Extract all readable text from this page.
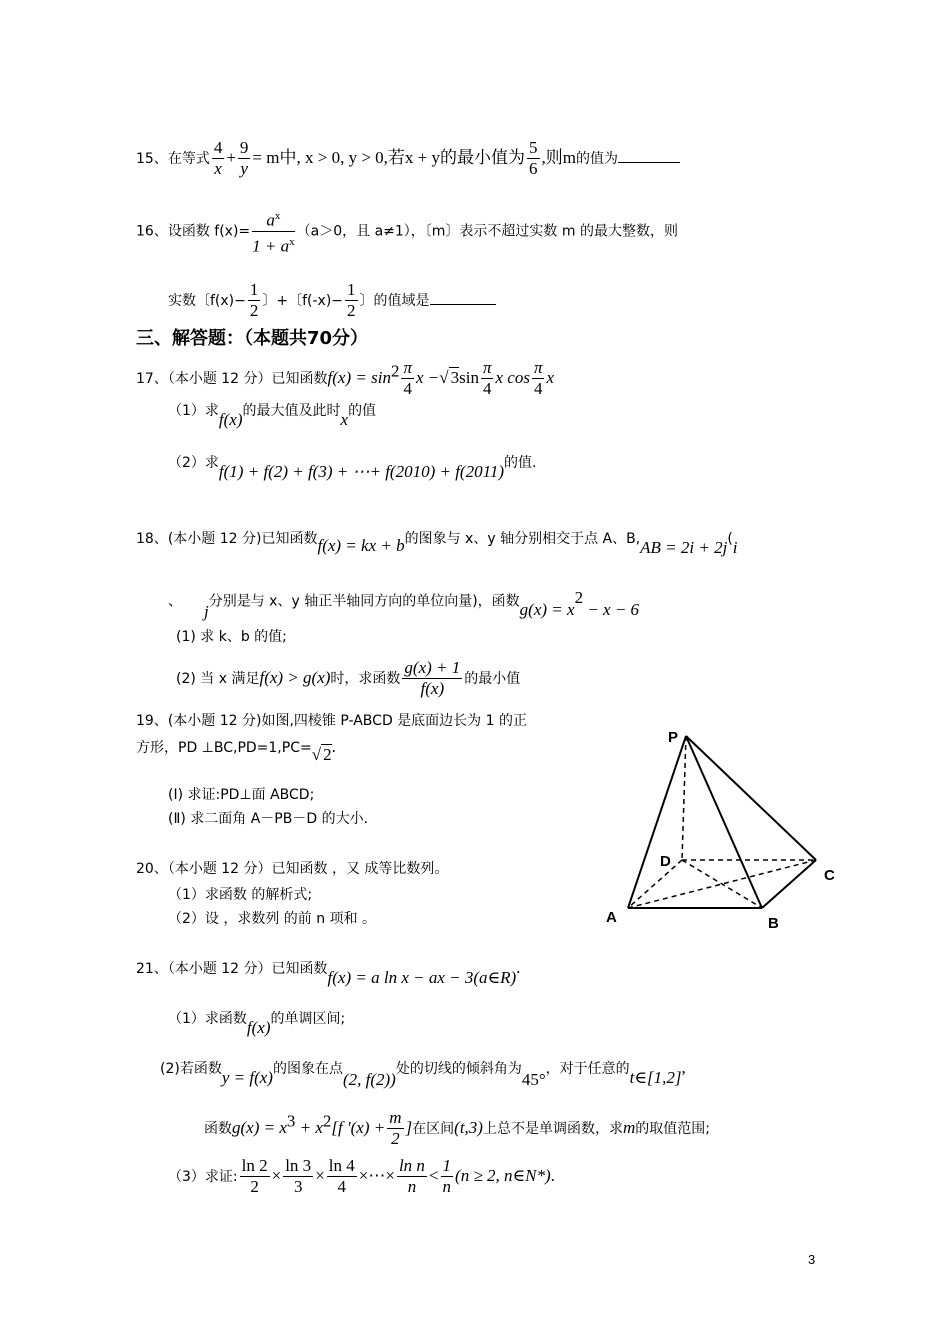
15、在等式 $\frac{4}{x} + \frac{9}{y} = m$中, x > 0, y > 0,若x + y的最小值为 $\frac{5}{6}$ ,则m的值为
16、设函数 $f(x)= \frac{a^x}{1 + a^x} (a>0$，且 a≠1），〔m〕表示不超过实数 m 的最大整数，则
实数〔$f(x)- \frac{1}{2}$ 〕+〔$f(-x)- \frac{1}{2}$ 〕的值域是
三、解答题：（本题共70分）
17、（本小题 12 分）已知函数$f(x) = \sin^2 \frac{\pi}{4}$ x −√ $3\sin \frac{\pi}{4}$ x $\cos \frac{\pi}{4}$ x
（1）求f(x)的最大值及此时x的值
（2）求f(1) + f(2) + f(3) + ⋯+ f(2010) + f(2011)的值.
18、(本小题 12 分)已知函数f(x) = kx + b的图象与 x、y 轴分别相交于点 A、B,AB = 2i + 2j(i
、j分别是与 x、y 轴正半轴同方向的单位向量)，函数$g(x) = x^2 - x - 6$
(1) 求 k、b 的值;
(2) 当 x 满足f(x) > g(x)时，求函数 $\frac{g(x) + 1}{f(x)}$ 的最小值
19、(本小题 12 分)如图,四棱锥 P-ABCD 是底面边长为 1 的正
方形，PD ⊥BC,PD=1,PC=√ 2.
(Ⅰ) 求证:PD⊥面 ABCD;
(Ⅱ) 求二面角 A－PB－D 的大小.
P
D
C
A	B
20、（本小题 12 分）已知函数 ，又 成等比数列。
（1）求函数 的解析式;
（2）设 ，求数列 的前 n 项和 。
21、（本小题 12 分）已知函数f(x) = a ln x − ax − 3(a∈R).
（1）求函数f(x)的单调区间;
(2)若函数y = f(x)的图象在点(2, f(2))处的切线的倾斜角为45°，对于任意的t∈[1,2],
函数$g(x) = x^3 + x^2[f$ '$(x) + \frac{m}{2}$ ]在区间(t,3)上总不是单调函数，求m的取值范围;
（3）求证: $\frac{\ln 2}{2} \times \frac{\ln 3}{3} \times \frac{\ln 4}{4}$ ×⋯× $\frac{\text{ln n}}{n} < \frac{1}{n} (n \ge 2$, n∈N*).
3
